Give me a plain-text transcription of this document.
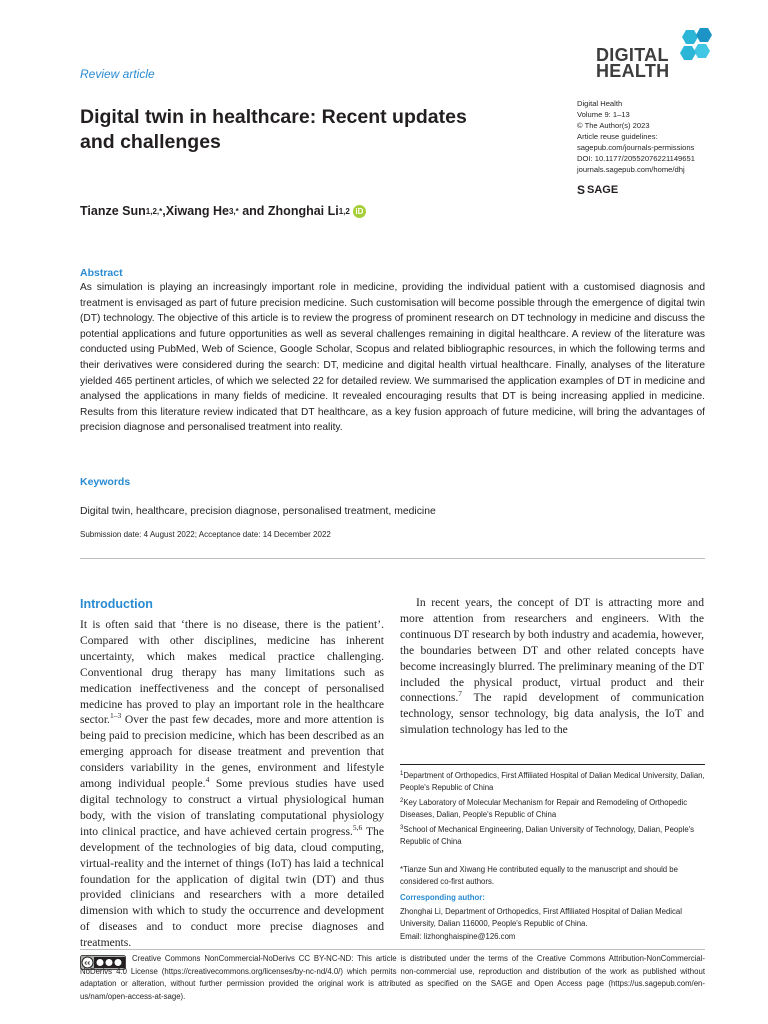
Review article
DIGITAL
HEALTH
Digital twin in healthcare: Recent updates and challenges
Digital Health
Volume 9: 1–13
© The Author(s) 2023
Article reuse guidelines:
sagepub.com/journals-permissions
DOI: 10.1177/20552076221149651
journals.sagepub.com/home/dhj
S SAGE
Tianze Sun 1,2,* , Xiwang He 3,* and Zhonghai Li 1,2 iD
Abstract
As simulation is playing an increasingly important role in medicine, providing the individual patient with a customised diagnosis and treatment is envisaged as part of future precision medicine. Such customisation will become possible through the emergence of digital twin (DT) technology. The objective of this article is to review the progress of prominent research on DT technology in medicine and discuss the potential applications and future opportunities as well as several challenges remaining in digital healthcare. A review of the literature was conducted using PubMed, Web of Science, Google Scholar, Scopus and related bibliographic resources, in which the following terms and their derivatives were considered during the search: DT, medicine and digital health virtual healthcare. Finally, analyses of the literature yielded 465 pertinent articles, of which we selected 22 for detailed review. We summarised the application examples of DT in medicine and analysed the applications in many fields of medicine. It revealed encouraging results that DT is being increasing applied in medicine. Results from this literature review indicated that DT healthcare, as a key fusion approach of future medicine, will bring the advantages of precision diagnose and personalised treatment into reality.
Keywords
Digital twin, healthcare, precision diagnose, personalised treatment, medicine
Submission date: 4 August 2022; Acceptance date: 14 December 2022
Introduction
It is often said that ‘there is no disease, there is the patient’. Compared with other disciplines, medicine has inherent uncertainty, which makes medical practice challenging. Conventional drug therapy has many limitations such as medication ineffectiveness and the concept of personalised medicine has proved to play an important role in the healthcare sector.$^{1-3}$ Over the past few decades, more and more attention is being paid to precision medicine, which has been described as an emerging approach for disease treatment and prevention that considers variability in the genes, environment and lifestyle among individual people.$^4$ Some previous studies have used digital technology to construct a virtual physiological human body, with the vision of translating computational physiology into clinical practice, and have achieved certain progress.$^{5,6}$ The development of the technologies of big data, cloud computing, virtual-reality and the internet of things (IoT) has laid a technical foundation for the application of digital twin (DT) and thus provided clinicians and researchers with a more detailed dimension with which to study the occurrence and development of diseases and to conduct more precise diagnoses and treatments.
In recent years, the concept of DT is attracting more and more attention from researchers and engineers. With the continuous DT research by both industry and academia, however, the boundaries between DT and other related concepts have become increasingly blurred. The preliminary meaning of the DT included the physical product, virtual product and their connections.$^7$ The rapid development of communication technology, sensor technology, big data analysis, the IoT and simulation technology has led to the
$^1$Department of Orthopedics, First Affiliated Hospital of Dalian Medical University, Dalian, People's Republic of China
$^2$Key Laboratory of Molecular Mechanism for Repair and Remodeling of Orthopedic Diseases, Dalian, People's Republic of China
$^3$School of Mechanical Engineering, Dalian University of Technology, Dalian, People's Republic of China
*Tianze Sun and Xiwang He contributed equally to the manuscript and should be considered co-first authors.
Corresponding author:
Zhonghai Li, Department of Orthopedics, First Affiliated Hospital of Dalian Medical University, Dalian 116000, People's Republic of China.
Email: lizhonghaispine@126.com
cc
Creative Commons NonCommercial-NoDerivs CC BY-NC-ND: This article is distributed under the terms of the Creative Commons Attribution-NonCommercial-NoDerivs 4.0 License (https://creativecommons.org/licenses/by-nc-nd/4.0/) which permits non-commercial use, reproduction and distribution of the work as published without adaptation or alteration, without further permission provided the original work is attributed as specified on the SAGE and Open Access page (https://us.sagepub.com/en-us/nam/open-access-at-sage).
